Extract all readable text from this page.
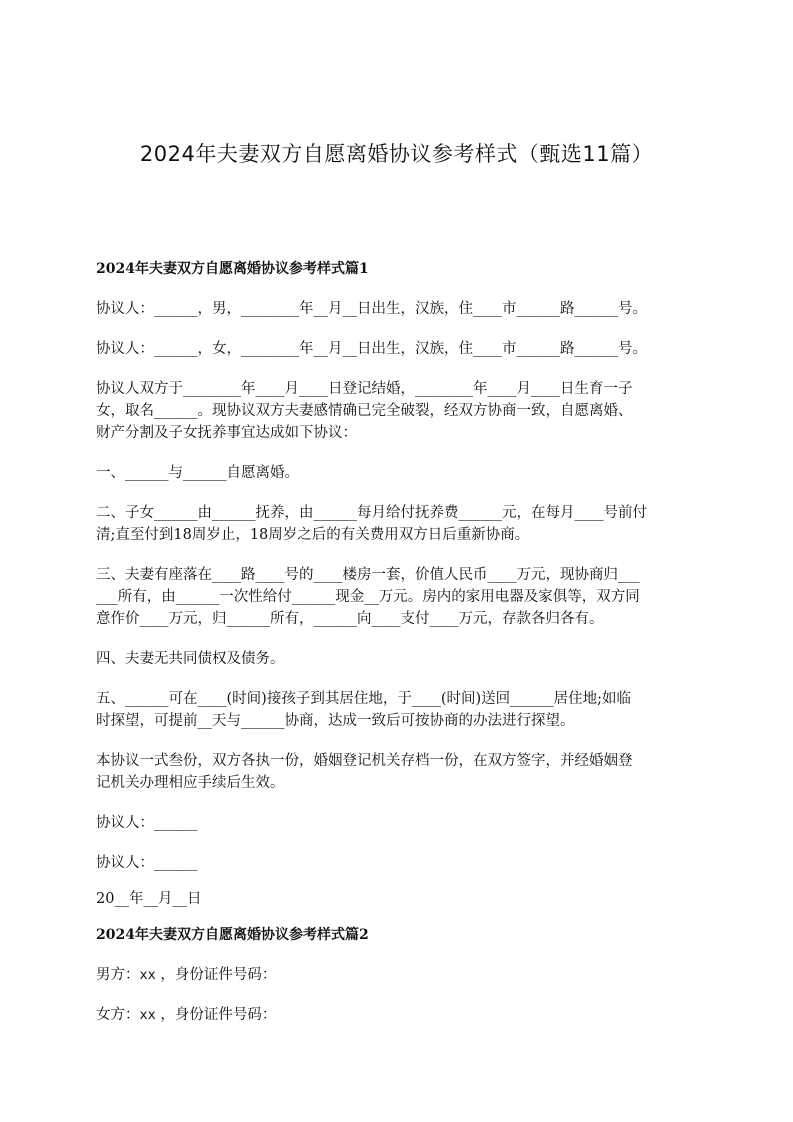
2024年夫妻双方自愿离婚协议参考样式（甄选11篇）

2024年夫妻双方自愿离婚协议参考样式篇1

协议人：______，男，________年__月__日出生，汉族，住____市______路______号。

协议人：______，女，________年__月__日出生，汉族，住____市______路______号。

协议人双方于________年____月____日登记结婚，________年____月____日生育一子

女，取名______。现协议双方夫妻感情确已完全破裂，经双方协商一致，自愿离婚、

财产分割及子女抚养事宜达成如下协议：

一、______与______自愿离婚。

二、子女______由______抚养，由______每月给付抚养费______元，在每月____号前付

清;直至付到18周岁止，18周岁之后的有关费用双方日后重新协商。

三、夫妻有座落在____路____号的____楼房一套，价值人民币____万元，现协商归___

___所有，由______一次性给付______现金__万元。房内的家用电器及家俱等，双方同

意作价____万元，归______所有，______向____支付____万元，存款各归各有。

四、夫妻无共同债权及债务。

五、______可在____(时间)接孩子到其居住地，于____(时间)送回______居住地;如临

时探望，可提前__天与______协商，达成一致后可按协商的办法进行探望。

本协议一式叁份，双方各执一份，婚姻登记机关存档一份，在双方签字，并经婚姻登

记机关办理相应手续后生效。

协议人：______

协议人：______

20__年__月__日

2024年夫妻双方自愿离婚协议参考样式篇2

男方：xx ，身份证件号码：

女方：xx ，身份证件号码：
